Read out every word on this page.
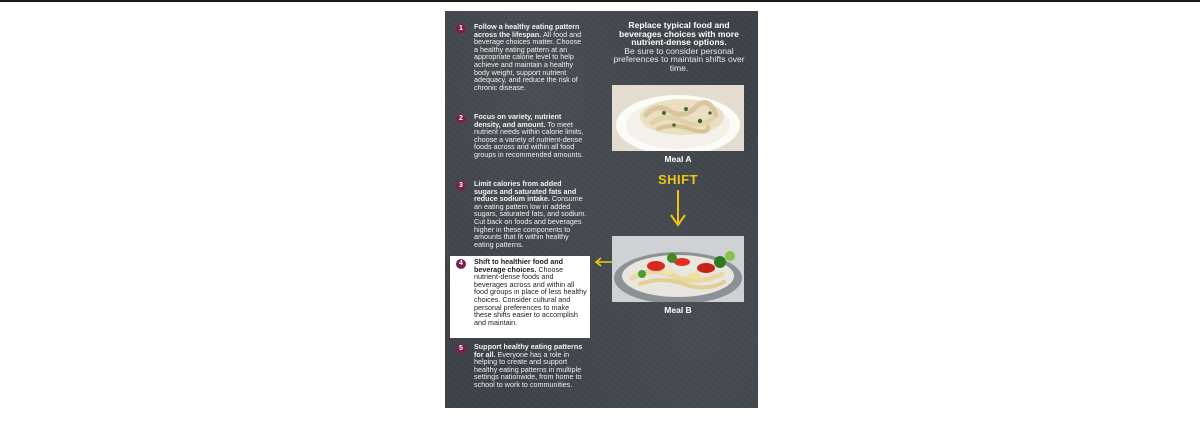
1	Follow a healthy eating pattern across the lifespan. All food and beverage choices matter. Choose a healthy eating pattern at an appropriate calorie level to help achieve and maintain a healthy body weight, support nutrient adequacy, and reduce the risk of chronic disease.
2	Focus on variety, nutrient density, and amount. To meet nutrient needs within calorie limits, choose a variety of nutrient-dense foods across and within all food groups in recommended amounts.
3	Limit calories from added sugars and saturated fats and reduce sodium intake. Consume an eating pattern low in added sugars, saturated fats, and sodium. Cut back on foods and beverages higher in these components to amounts that fit within healthy eating patterns.
4	Shift to healthier food and beverage choices. Choose nutrient-dense foods and beverages across and within all food groups in place of less healthy choices. Consider cultural and personal preferences to make these shifts easier to accomplish and maintain.
5	Support healthy eating patterns for all. Everyone has a role in helping to create and support healthy eating patterns in multiple settings nationwide, from home to school to work to communities.
Replace typical food and beverages choices with more nutrient-dense options.
Be sure to consider personal preferences to maintain shifts over time.
Meal A
SHIFT
Meal B
